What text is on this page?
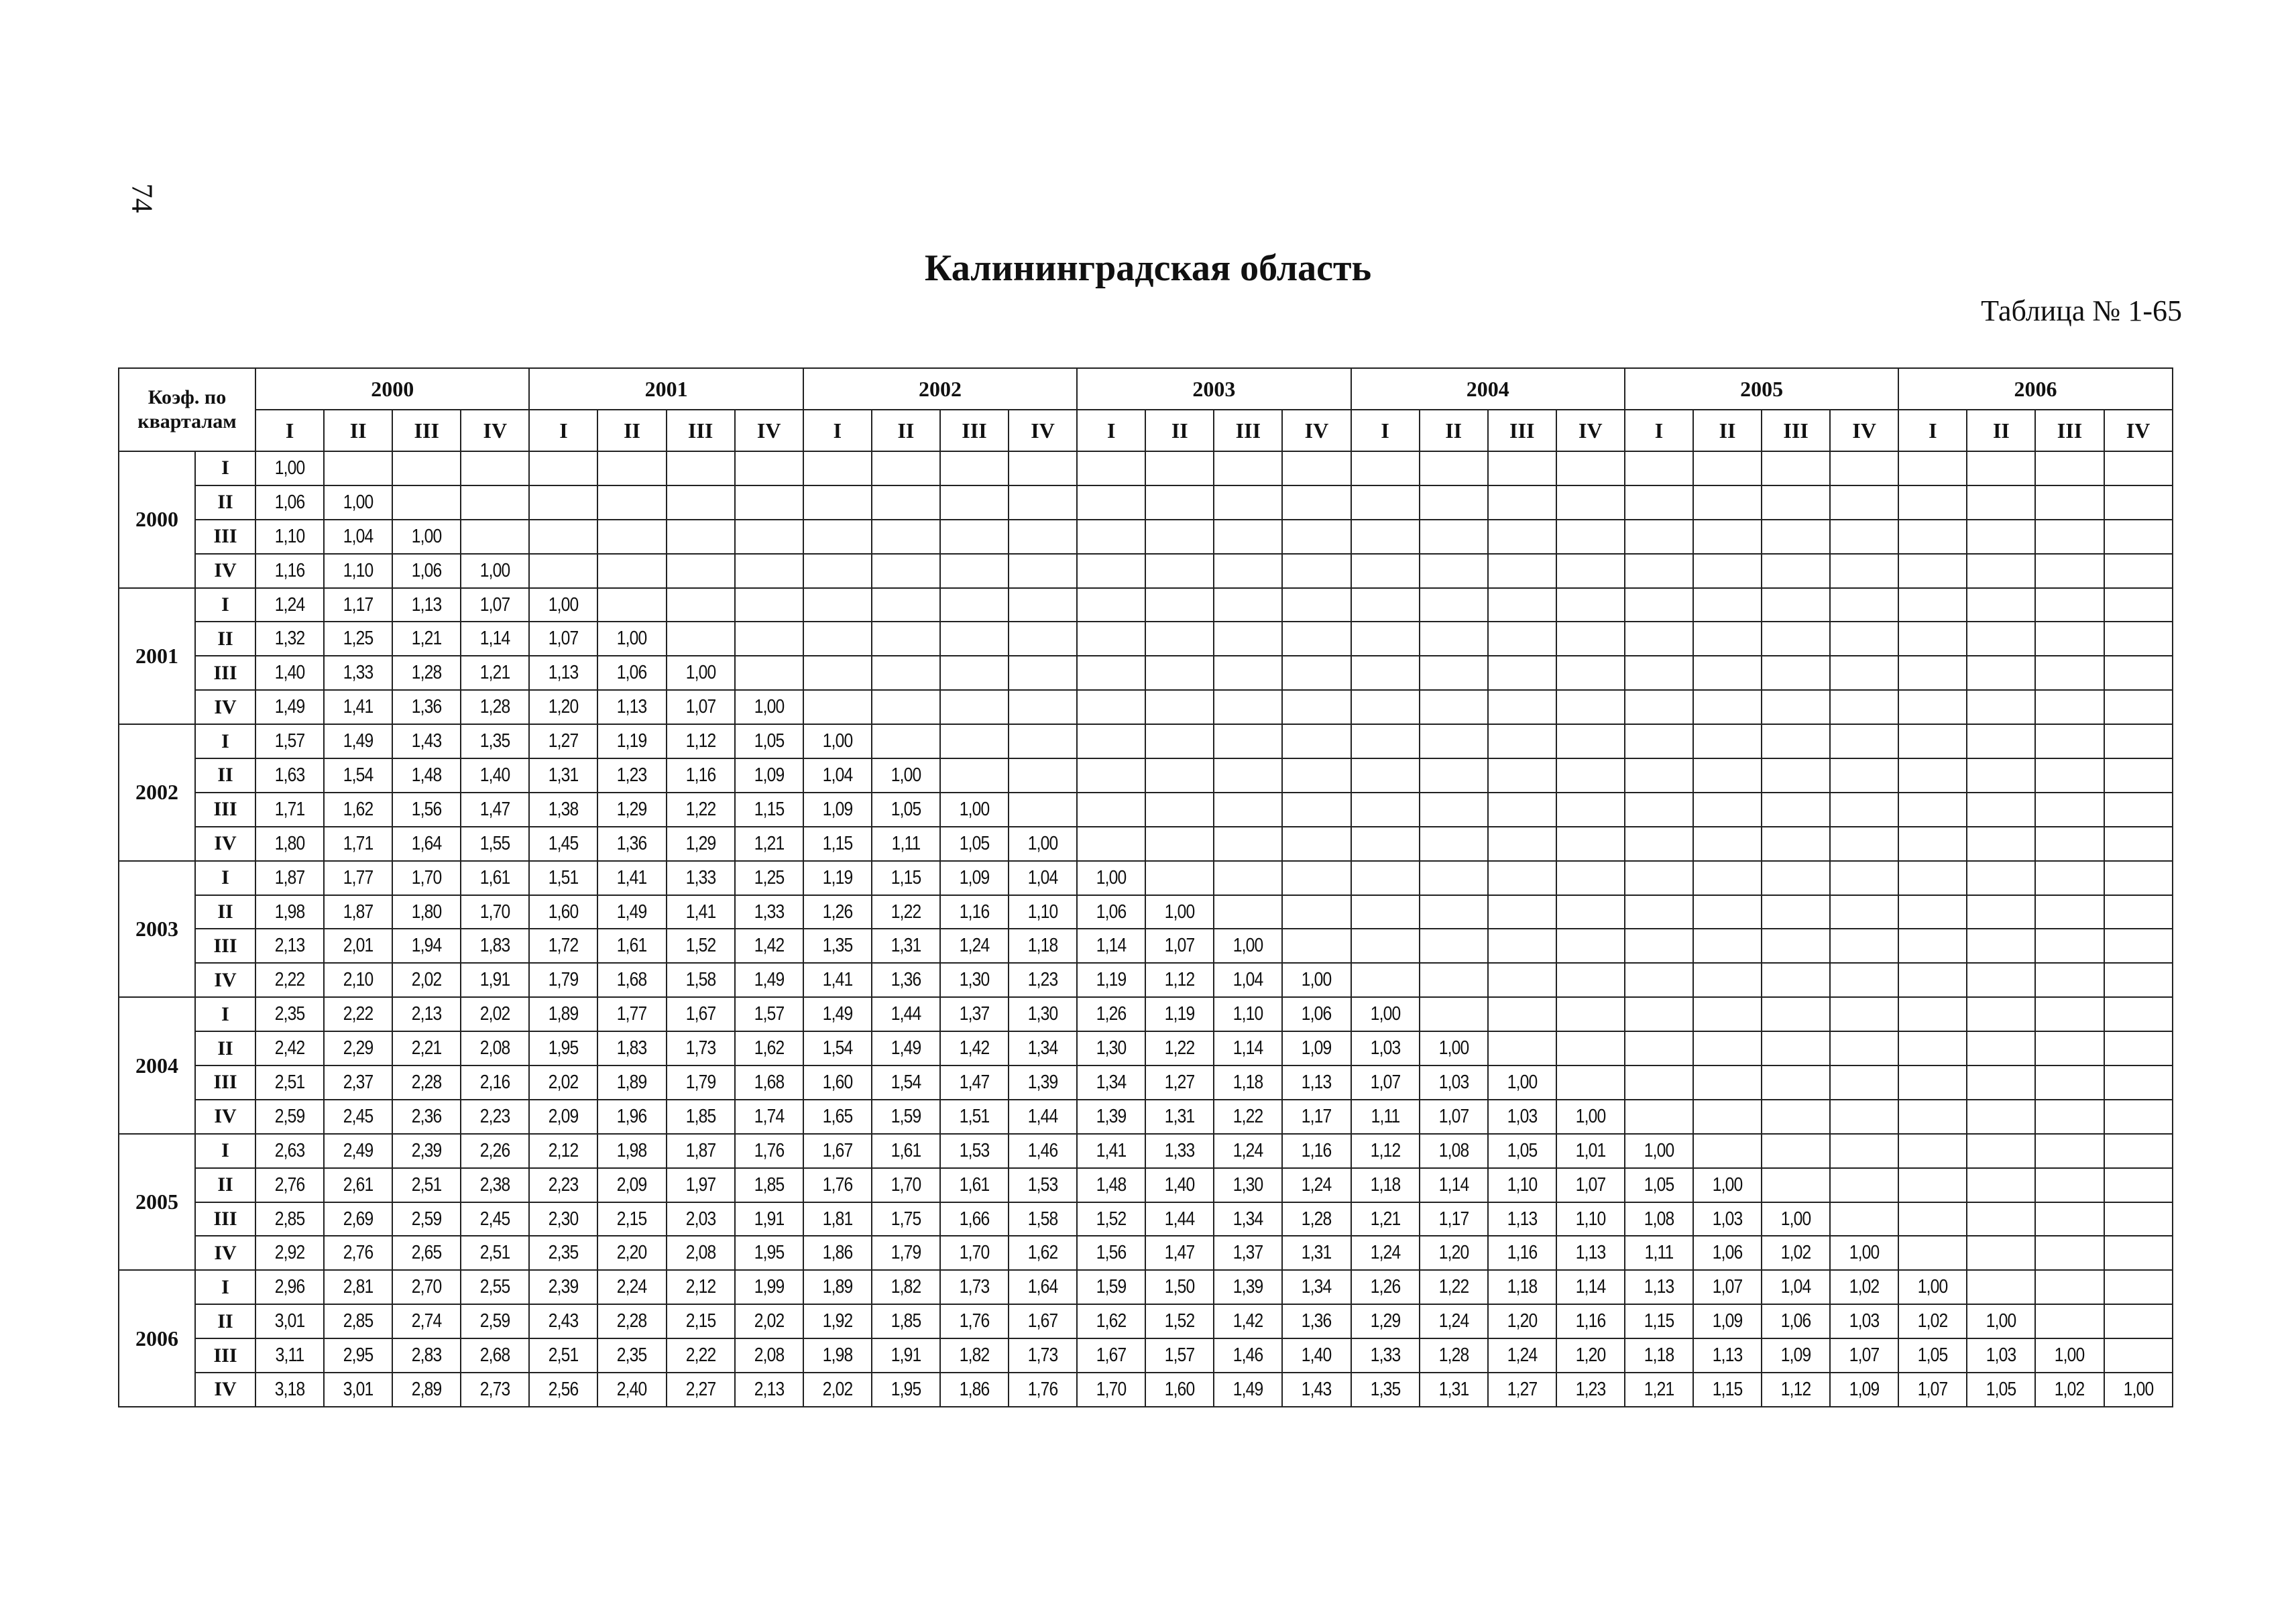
74
Калининградская область
Таблица № 1-65
Коэф. по кварталам		2000				2001				2002				2003				2004				2005				2006			
		I	II	III	IV	I	II	III	IV	I	II	III	IV	I	II	III	IV	I	II	III	IV	I	II	III	IV	I	II	III	IV
2000	I	1,00																											
	II	1,06	1,00																										
	III	1,10	1,04	1,00																									
	IV	1,16	1,10	1,06	1,00																								
2001	I	1,24	1,17	1,13	1,07	1,00																							
	II	1,32	1,25	1,21	1,14	1,07	1,00																						
	III	1,40	1,33	1,28	1,21	1,13	1,06	1,00																					
	IV	1,49	1,41	1,36	1,28	1,20	1,13	1,07	1,00																				
2002	I	1,57	1,49	1,43	1,35	1,27	1,19	1,12	1,05	1,00																			
	II	1,63	1,54	1,48	1,40	1,31	1,23	1,16	1,09	1,04	1,00																		
	III	1,71	1,62	1,56	1,47	1,38	1,29	1,22	1,15	1,09	1,05	1,00																	
	IV	1,80	1,71	1,64	1,55	1,45	1,36	1,29	1,21	1,15	1,11	1,05	1,00																
2003	I	1,87	1,77	1,70	1,61	1,51	1,41	1,33	1,25	1,19	1,15	1,09	1,04	1,00															
	II	1,98	1,87	1,80	1,70	1,60	1,49	1,41	1,33	1,26	1,22	1,16	1,10	1,06	1,00														
	III	2,13	2,01	1,94	1,83	1,72	1,61	1,52	1,42	1,35	1,31	1,24	1,18	1,14	1,07	1,00													
	IV	2,22	2,10	2,02	1,91	1,79	1,68	1,58	1,49	1,41	1,36	1,30	1,23	1,19	1,12	1,04	1,00												
2004	I	2,35	2,22	2,13	2,02	1,89	1,77	1,67	1,57	1,49	1,44	1,37	1,30	1,26	1,19	1,10	1,06	1,00											
	II	2,42	2,29	2,21	2,08	1,95	1,83	1,73	1,62	1,54	1,49	1,42	1,34	1,30	1,22	1,14	1,09	1,03	1,00										
	III	2,51	2,37	2,28	2,16	2,02	1,89	1,79	1,68	1,60	1,54	1,47	1,39	1,34	1,27	1,18	1,13	1,07	1,03	1,00									
	IV	2,59	2,45	2,36	2,23	2,09	1,96	1,85	1,74	1,65	1,59	1,51	1,44	1,39	1,31	1,22	1,17	1,11	1,07	1,03	1,00								
2005	I	2,63	2,49	2,39	2,26	2,12	1,98	1,87	1,76	1,67	1,61	1,53	1,46	1,41	1,33	1,24	1,16	1,12	1,08	1,05	1,01	1,00							
	II	2,76	2,61	2,51	2,38	2,23	2,09	1,97	1,85	1,76	1,70	1,61	1,53	1,48	1,40	1,30	1,24	1,18	1,14	1,10	1,07	1,05	1,00						
	III	2,85	2,69	2,59	2,45	2,30	2,15	2,03	1,91	1,81	1,75	1,66	1,58	1,52	1,44	1,34	1,28	1,21	1,17	1,13	1,10	1,08	1,03	1,00					
	IV	2,92	2,76	2,65	2,51	2,35	2,20	2,08	1,95	1,86	1,79	1,70	1,62	1,56	1,47	1,37	1,31	1,24	1,20	1,16	1,13	1,11	1,06	1,02	1,00				
2006	I	2,96	2,81	2,70	2,55	2,39	2,24	2,12	1,99	1,89	1,82	1,73	1,64	1,59	1,50	1,39	1,34	1,26	1,22	1,18	1,14	1,13	1,07	1,04	1,02	1,00			
	II	3,01	2,85	2,74	2,59	2,43	2,28	2,15	2,02	1,92	1,85	1,76	1,67	1,62	1,52	1,42	1,36	1,29	1,24	1,20	1,16	1,15	1,09	1,06	1,03	1,02	1,00		
	III	3,11	2,95	2,83	2,68	2,51	2,35	2,22	2,08	1,98	1,91	1,82	1,73	1,67	1,57	1,46	1,40	1,33	1,28	1,24	1,20	1,18	1,13	1,09	1,07	1,05	1,03	1,00	
	IV	3,18	3,01	2,89	2,73	2,56	2,40	2,27	2,13	2,02	1,95	1,86	1,76	1,70	1,60	1,49	1,43	1,35	1,31	1,27	1,23	1,21	1,15	1,12	1,09	1,07	1,05	1,02	1,00
